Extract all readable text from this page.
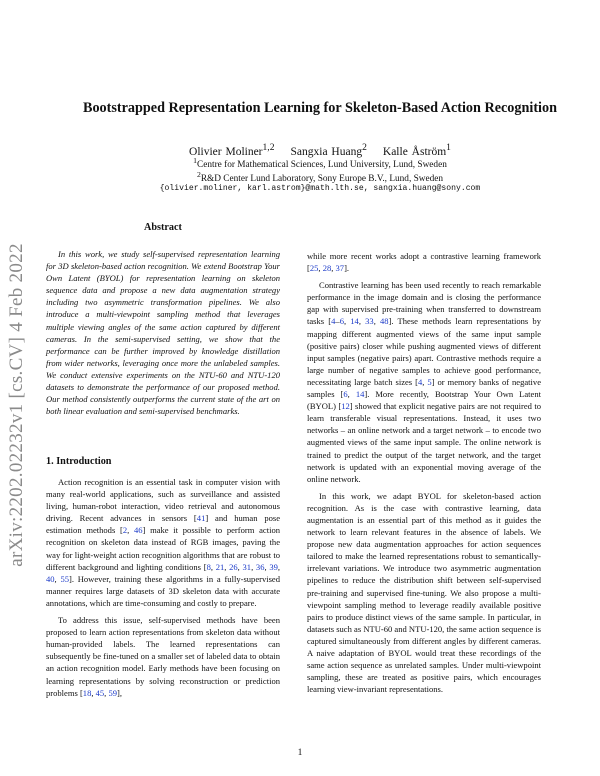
arXiv:2202.02232v1 [cs.CV] 4 Feb 2022
Bootstrapped Representation Learning for Skeleton-Based Action Recognition
Olivier Moliner$^{1,2}$ Sangxia Huang$^2$ Kalle Åström$^1$
$^1$Centre for Mathematical Sciences, Lund University, Lund, Sweden
$^2$R&D Center Lund Laboratory, Sony Europe B.V., Lund, Sweden
{olivier.moliner, karl.astrom}@math.lth.se, sangxia.huang@sony.com
Abstract

In this work, we study self-supervised representation learning for 3D skeleton-based action recognition. We extend Bootstrap Your Own Latent (BYOL) for representation learning on skeleton sequence data and propose a new data augmentation strategy including two asymmetric transformation pipelines. We also introduce a multi-viewpoint sampling method that leverages multiple viewing angles of the same action captured by different cameras. In the semi-supervised setting, we show that the performance can be further improved by knowledge distillation from wider networks, leveraging once more the unlabeled samples. We conduct extensive experiments on the NTU-60 and NTU-120 datasets to demonstrate the performance of our proposed method. Our method consistently outperforms the current state of the art on both linear evaluation and semi-supervised benchmarks.

1. Introduction

Action recognition is an essential task in computer vision with many real-world applications, such as surveillance and assisted living, human-robot interaction, video retrieval and autonomous driving. Recent advances in sensors [41] and human pose estimation methods [2, 46] make it possible to perform action recognition on skeleton data instead of RGB images, paving the way for light-weight action recognition algorithms that are robust to different background and lighting conditions [8, 21, 26, 31, 36, 39, 40, 55]. However, training these algorithms in a fully-supervised manner requires large datasets of 3D skeleton data with accurate annotations, which are time-consuming and costly to prepare.

To address this issue, self-supervised methods have been proposed to learn action representations from skeleton data without human-provided labels. The learned representations can subsequently be fine-tuned on a smaller set of labeled data to obtain an action recognition model. Early methods have been focusing on learning representations by solving reconstruction or prediction problems [18, 45, 59],

while more recent works adopt a contrastive learning framework [25, 28, 37].

Contrastive learning has been used recently to reach remarkable performance in the image domain and is closing the performance gap with supervised pre-training when transferred to downstream tasks [4–6, 14, 33, 48]. These methods learn representations by mapping different augmented views of the same input sample (positive pairs) closer while pushing augmented views of different input samples (negative pairs) apart. Contrastive methods require a large number of negative samples to achieve good performance, necessitating large batch sizes [4, 5] or memory banks of negative samples [6, 14]. More recently, Bootstrap Your Own Latent (BYOL) [12] showed that explicit negative pairs are not required to learn transferable visual representations. Instead, it uses two networks – an online network and a target network – to encode two augmented views of the same input sample. The online network is trained to predict the output of the target network, and the target network is updated with an exponential moving average of the online network.

In this work, we adapt BYOL for skeleton-based action recognition. As is the case with contrastive learning, data augmentation is an essential part of this method as it guides the network to learn relevant features in the absence of labels. We propose new data augmentation approaches for action sequences tailored to make the learned representations robust to semantically-irrelevant variations. We introduce two asymmetric augmentation pipelines to reduce the distribution shift between self-supervised pre-training and supervised fine-tuning. We also propose a multi-viewpoint sampling method to leverage readily available positive pairs to produce distinct views of the same sample. In particular, in datasets such as NTU-60 and NTU-120, the same action sequence is captured simultaneously from different angles by different cameras. A naive adaptation of BYOL would treat these recordings of the same action sequence as unrelated samples. Under multi-viewpoint sampling, these are treated as positive pairs, which encourages learning view-invariant representations.

1
